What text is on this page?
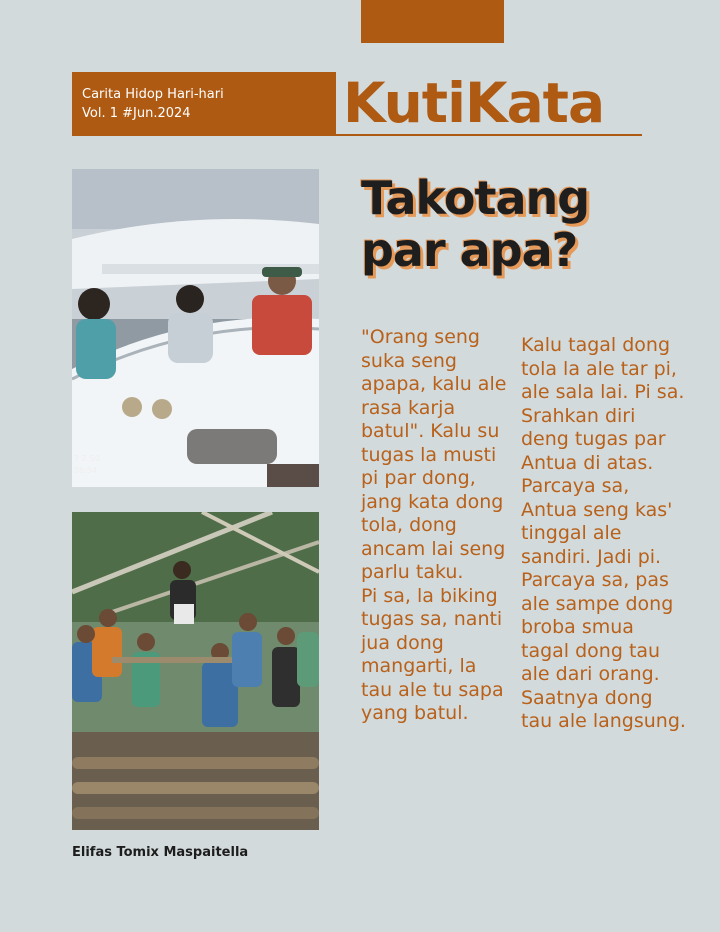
Carita Hidop Hari-hari
Vol. 1 #Jun.2024	KutiKata
7 Z 50
08:54
Takotang
par apa?
"Orang seng suka seng apapa, kalu ale rasa karja batul". Kalu su tugas la musti pi par dong, jang kata dong tola, dong ancam lai seng parlu taku.
Pi sa, la biking tugas sa, nanti jua dong mangarti, la tau ale tu sapa yang batul.
Kalu tagal dong tola la ale tar pi, ale sala lai. Pi sa. Srahkan diri deng tugas par Antua di atas. Parcaya sa, Antua seng kas' tinggal ale sandiri. Jadi pi.
Parcaya sa, pas ale sampe dong broba smua tagal dong tau ale dari orang. Saatnya dong tau ale langsung.
Elifas Tomix Maspaitella
